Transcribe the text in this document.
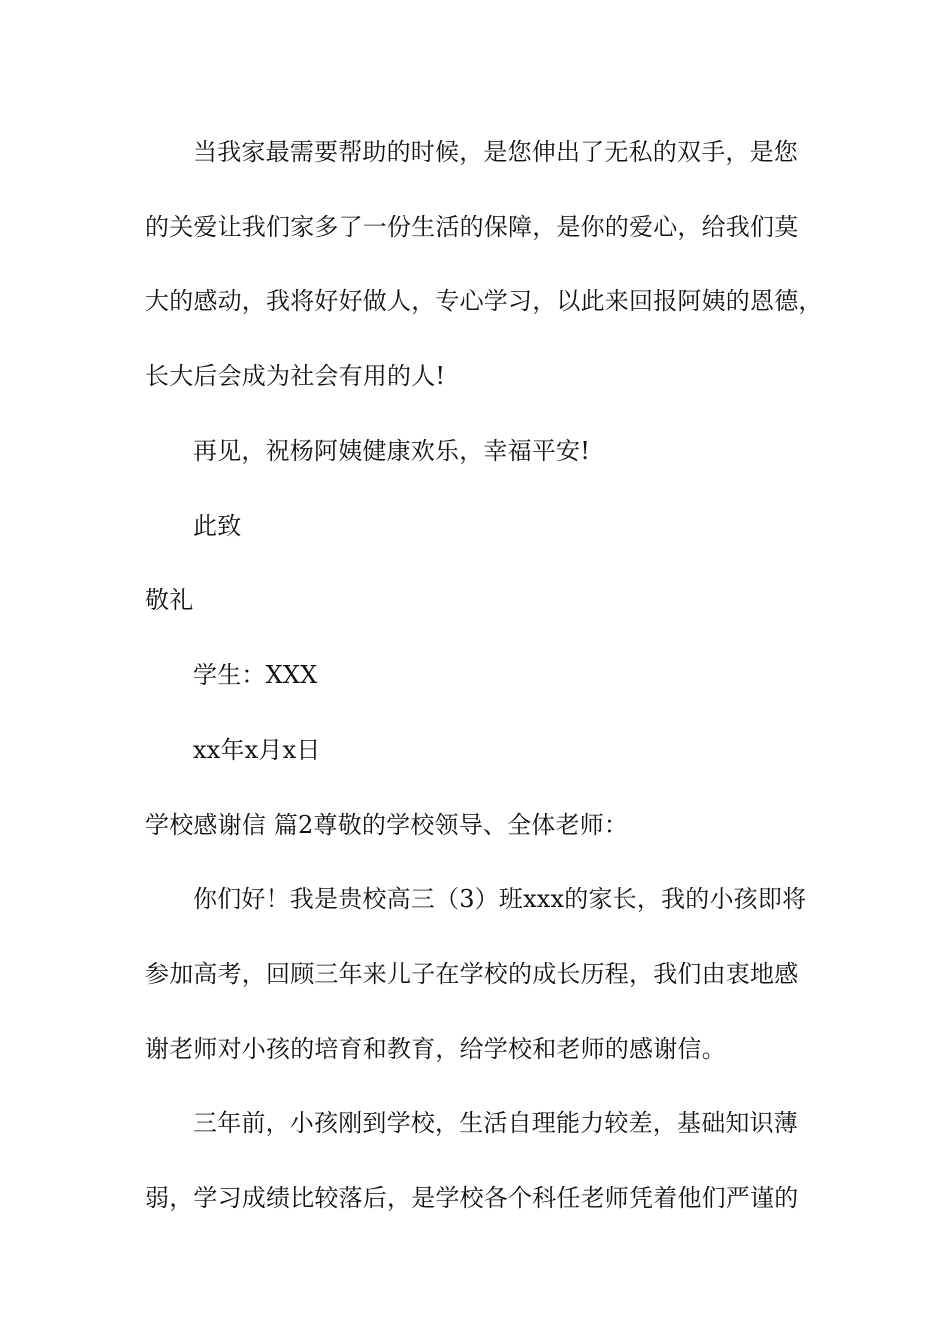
当我家最需要帮助的时候，是您伸出了无私的双手，是您
的关爱让我们家多了一份生活的保障，是你的爱心，给我们莫
大的感动，我将好好做人，专心学习，以此来回报阿姨的恩德，
长大后会成为社会有用的人!
再见，祝杨阿姨健康欢乐，幸福平安!
此致
敬礼
学生：XXX
xx年x月x日
学校感谢信 篇2尊敬的学校领导、全体老师：
你们好！我是贵校高三（3）班xxx的家长，我的小孩即将
参加高考，回顾三年来儿子在学校的成长历程，我们由衷地感
谢老师对小孩的培育和教育，给学校和老师的感谢信。
三年前，小孩刚到学校，生活自理能力较差，基础知识薄
弱，学习成绩比较落后，是学校各个科任老师凭着他们严谨的
